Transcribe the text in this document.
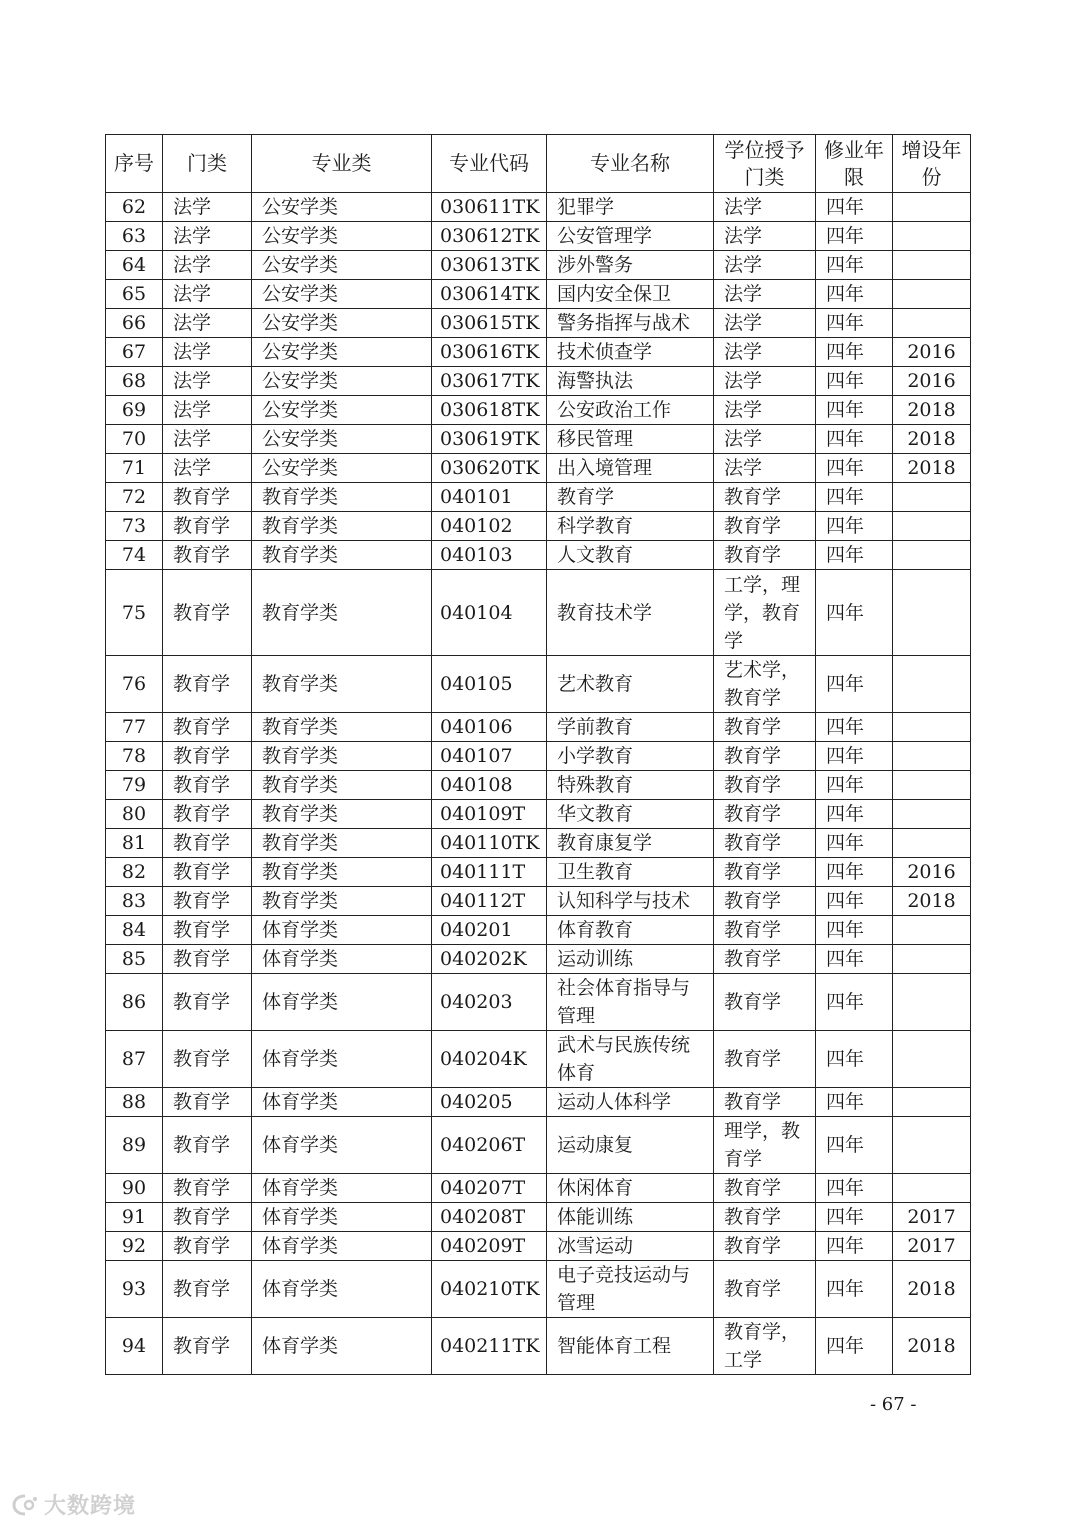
序号	门类	专业类	专业代码	专业名称	学位授予门类	修业年限	增设年份
62	法学	公安学类	030611TK	犯罪学	法学	四年	
63	法学	公安学类	030612TK	公安管理学	法学	四年	
64	法学	公安学类	030613TK	涉外警务	法学	四年	
65	法学	公安学类	030614TK	国内安全保卫	法学	四年	
66	法学	公安学类	030615TK	警务指挥与战术	法学	四年	
67	法学	公安学类	030616TK	技术侦查学	法学	四年	2016
68	法学	公安学类	030617TK	海警执法	法学	四年	2016
69	法学	公安学类	030618TK	公安政治工作	法学	四年	2018
70	法学	公安学类	030619TK	移民管理	法学	四年	2018
71	法学	公安学类	030620TK	出入境管理	法学	四年	2018
72	教育学	教育学类	040101	教育学	教育学	四年	
73	教育学	教育学类	040102	科学教育	教育学	四年	
74	教育学	教育学类	040103	人文教育	教育学	四年	
75	教育学	教育学类	040104	教育技术学	工学，理学，教育学	四年	
76	教育学	教育学类	040105	艺术教育	艺术学，教育学	四年	
77	教育学	教育学类	040106	学前教育	教育学	四年	
78	教育学	教育学类	040107	小学教育	教育学	四年	
79	教育学	教育学类	040108	特殊教育	教育学	四年	
80	教育学	教育学类	040109T	华文教育	教育学	四年	
81	教育学	教育学类	040110TK	教育康复学	教育学	四年	
82	教育学	教育学类	040111T	卫生教育	教育学	四年	2016
83	教育学	教育学类	040112T	认知科学与技术	教育学	四年	2018
84	教育学	体育学类	040201	体育教育	教育学	四年	
85	教育学	体育学类	040202K	运动训练	教育学	四年	
86	教育学	体育学类	040203	社会体育指导与管理	教育学	四年	
87	教育学	体育学类	040204K	武术与民族传统体育	教育学	四年	
88	教育学	体育学类	040205	运动人体科学	教育学	四年	
89	教育学	体育学类	040206T	运动康复	理学，教育学	四年	
90	教育学	体育学类	040207T	休闲体育	教育学	四年	
91	教育学	体育学类	040208T	体能训练	教育学	四年	2017
92	教育学	体育学类	040209T	冰雪运动	教育学	四年	2017
93	教育学	体育学类	040210TK	电子竞技运动与管理	教育学	四年	2018
94	教育学	体育学类	040211TK	智能体育工程	教育学，工学	四年	2018
- 67 -
大数跨境
